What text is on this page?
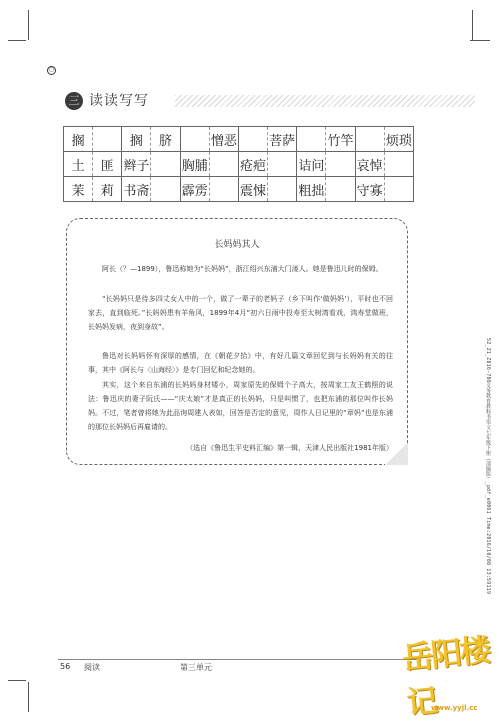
○
三 读读写写
搁		搁	脐		憎恶		菩萨		竹竿		烦琐
土	匪	辫子		胸脯		疮疤		诘问		哀悼	
茉	莉	书斋		霹雳		震悚		粗拙		守寡	
长妈妈其人

阿长（？—1899），鲁迅称她为“长妈妈”，浙江绍兴东浦大门溇人。她是鲁迅儿时的保姆。

“长妈妈只是待多四丈女人中的一个，做了一辈子的老妈子（乡下叫作‘做妈妈’），平时也不回家去，直到临死。”长妈妈患有羊角风，1899年4月“初六日雨中投寿至太树湾看戏，鸿寿堂做班，长妈妈发病，夜到身故”。

鲁迅对长妈妈怀有深厚的感情，在《朝花夕拾》中，有好几篇文章回忆到与长妈妈有关的往事，其中《阿长与〈山海经〉》是专门回忆和纪念她的。

其实，这个来自东浦的长妈妈身材矮小，周家原先的保姆个子高大，按周家工友王鹤照的说法：鲁迅庆的妻子阮氏——“庆太娘”才是真正的长妈妈，只是叫惯了，也把东浦的那位叫作长妈妈。不过，笔者曾将她为此品询周建人表如，回答是否定的意见，周作人日记里的“章妈”也是东浦的那位长妈妈后再雇请的。

（选自《鲁迅生平史料汇编》第一辑，天津人民出版社1981年版）
56 阅读	第三单元
52_21_Z816-708义务教育教科书语文七年级下册（部编版）_pdf_e0061 Time:2016/10/08 13:59119
岳阳楼记
www.yyjl.cc
